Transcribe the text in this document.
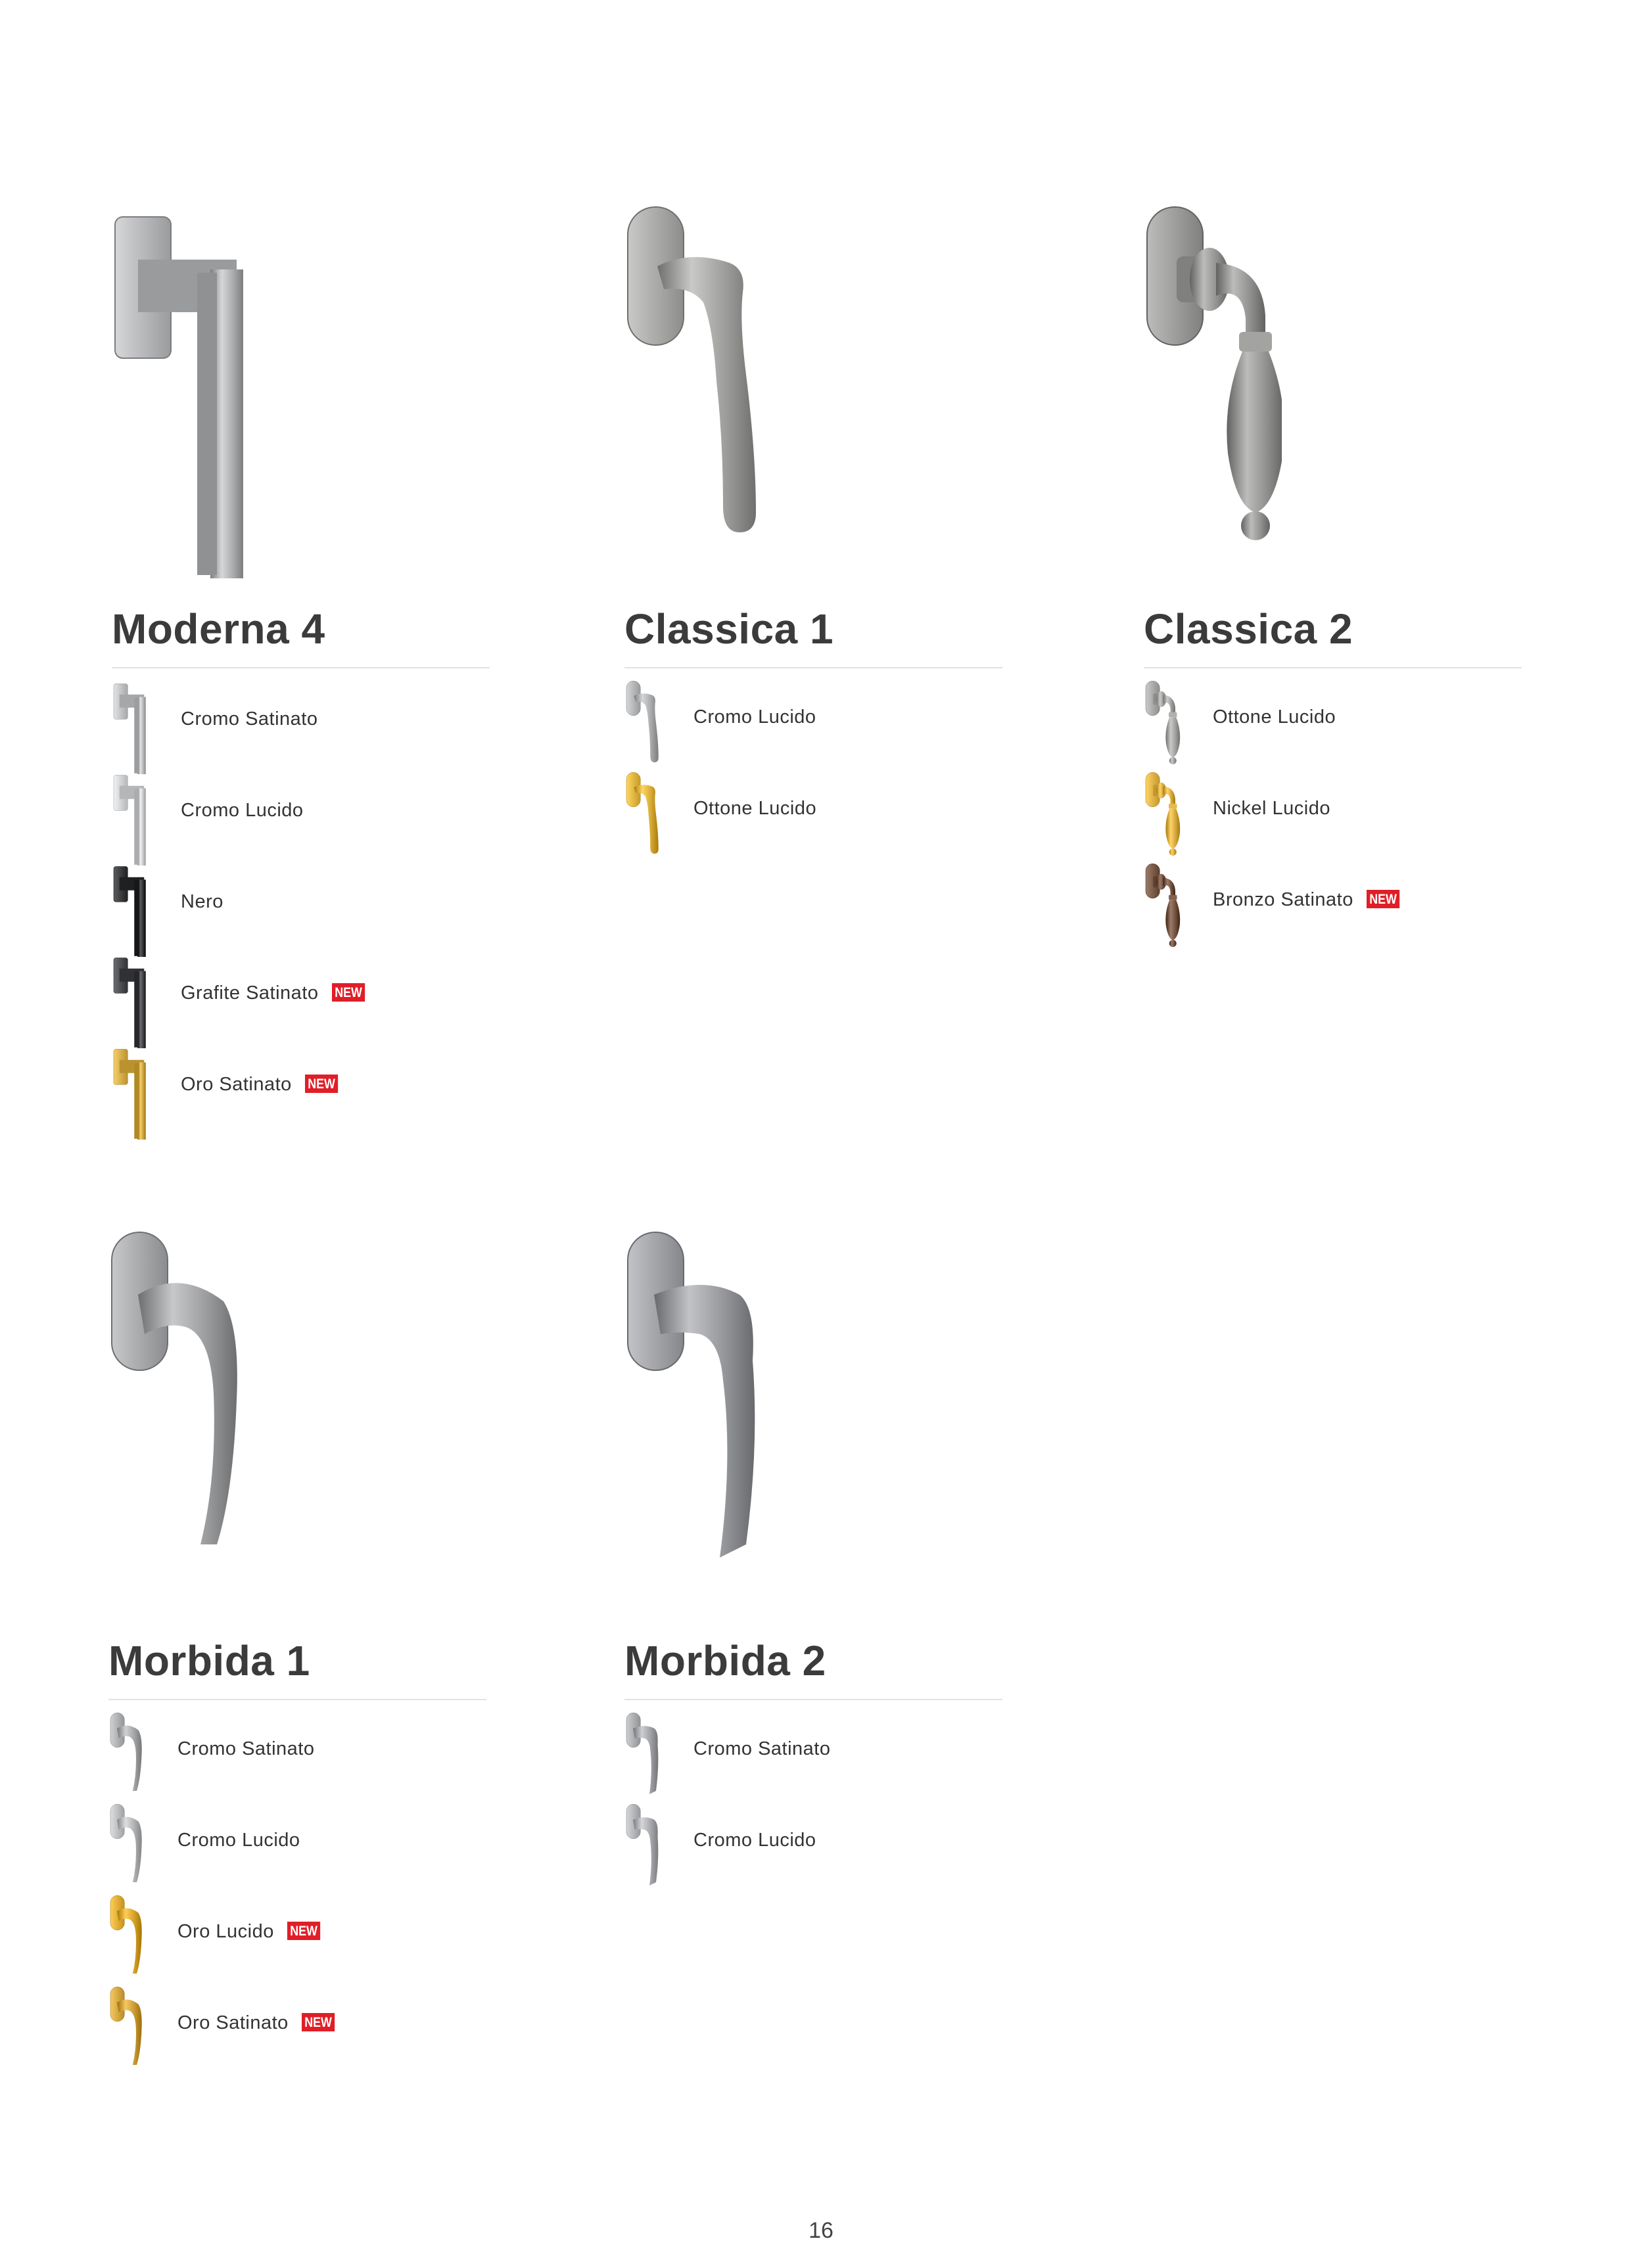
Moderna 4
Cromo Satinato
Cromo Lucido
Nero
Grafite Satinato NEW
Oro Satinato NEW
Classica 1
Cromo Lucido
Ottone Lucido
Classica 2
Ottone Lucido
Nickel Lucido
Bronzo Satinato NEW
Morbida 1
Cromo Satinato
Cromo Lucido
Oro Lucido NEW
Oro Satinato NEW
Morbida 2
Cromo Satinato
Cromo Lucido
16
